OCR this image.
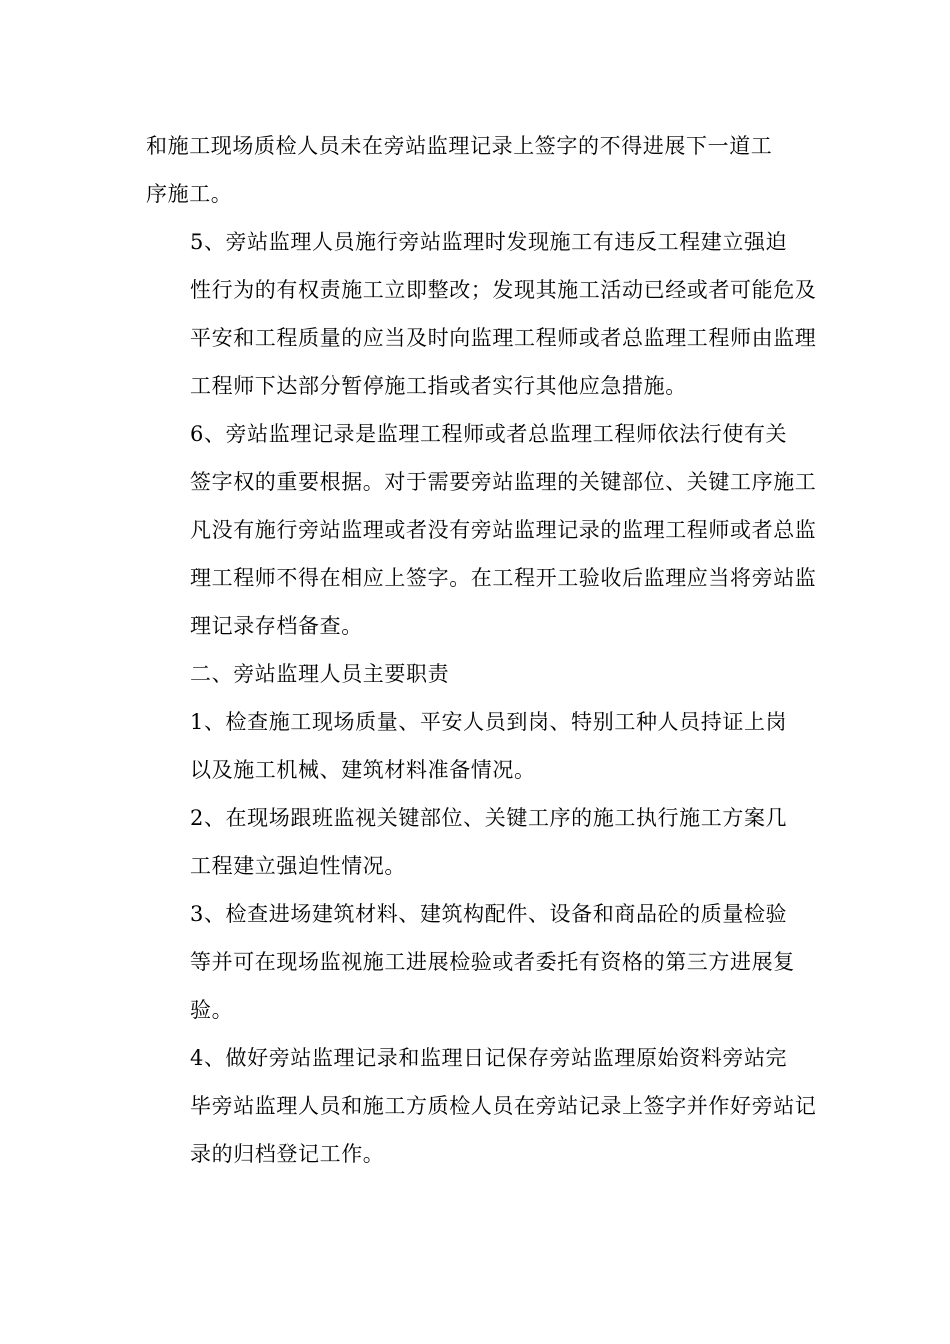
和施工现场质检人员未在旁站监理记录上签字的不得进展下一道工
序施工。

5、旁站监理人员施行旁站监理时发现施工有违反工程建立强迫
性行为的有权责施工立即整改；发现其施工活动已经或者可能危及
平安和工程质量的应当及时向监理工程师或者总监理工程师由监理
工程师下达部分暂停施工指或者实行其他应急措施。

6、旁站监理记录是监理工程师或者总监理工程师依法行使有关
签字权的重要根据。对于需要旁站监理的关键部位、关键工序施工
凡没有施行旁站监理或者没有旁站监理记录的监理工程师或者总监
理工程师不得在相应上签字。在工程开工验收后监理应当将旁站监
理记录存档备查。

二、旁站监理人员主要职责

1、检查施工现场质量、平安人员到岗、特别工种人员持证上岗
以及施工机械、建筑材料准备情况。

2、在现场跟班监视关键部位、关键工序的施工执行施工方案几
工程建立强迫性情况。

3、检查进场建筑材料、建筑构配件、设备和商品砼的质量检验
等并可在现场监视施工进展检验或者委托有资格的第三方进展复
验。

4、做好旁站监理记录和监理日记保存旁站监理原始资料旁站完
毕旁站监理人员和施工方质检人员在旁站记录上签字并作好旁站记
录的归档登记工作。
